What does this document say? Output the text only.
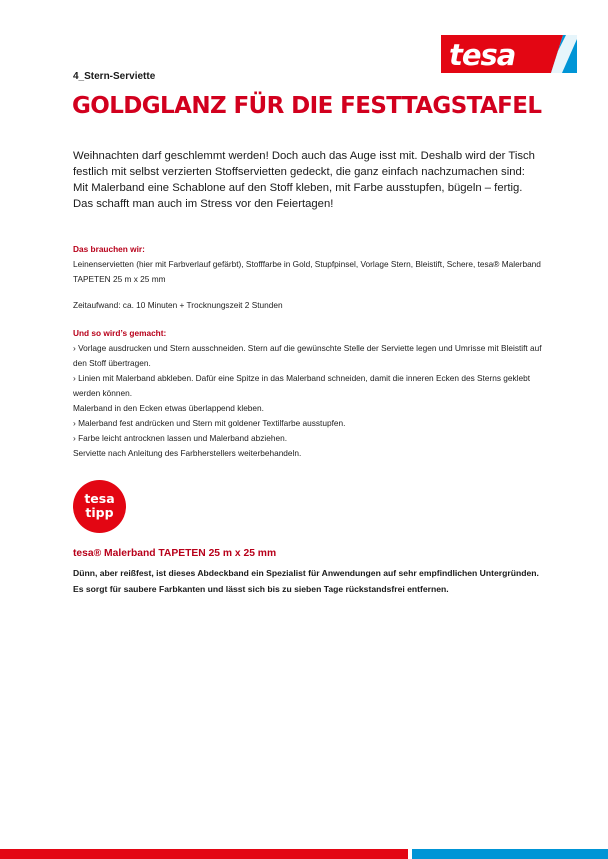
tesa
4_Stern-Serviette
GOLDGLANZ FÜR DIE FESTTAGSTAFEL
Weihnachten darf geschlemmt werden! Doch auch das Auge isst mit. Deshalb wird der Tisch festlich mit selbst verzierten Stoffservietten gedeckt, die ganz einfach nachzumachen sind: Mit Malerband eine Schablone auf den Stoff kleben, mit Farbe ausstupfen, bügeln – fertig. Das schafft man auch im Stress vor den Feiertagen!

Das brauchen wir:

Leinenservietten (hier mit Farbverlauf gefärbt), Stofffarbe in Gold, Stupfpinsel, Vorlage Stern, Bleistift, Schere, tesa® Malerband TAPETEN 25 m x 25 mm

Zeitaufwand: ca. 10 Minuten + Trocknungszeit 2 Stunden

Und so wird’s gemacht:

› Vorlage ausdrucken und Stern ausschneiden. Stern auf die gewünschte Stelle der Serviette legen und Umrisse mit Bleistift auf den Stoff übertragen.

› Linien mit Malerband abkleben. Dafür eine Spitze in das Malerband schneiden, damit die inneren Ecken des Sterns geklebt werden können.

Malerband in den Ecken etwas überlappend kleben.

› Malerband fest andrücken und Stern mit goldener Textilfarbe ausstupfen.

› Farbe leicht antrocknen lassen und Malerband abziehen.

Serviette nach Anleitung des Farbherstellers weiterbehandeln.

tesa
tipp
tesa® Malerband TAPETEN 25 m x 25 mm
Dünn, aber reißfest, ist dieses Abdeckband ein Spezialist für Anwendungen auf sehr empfindlichen Untergründen. Es sorgt für saubere Farbkanten und lässt sich bis zu sieben Tage rückstandsfrei entfernen.
